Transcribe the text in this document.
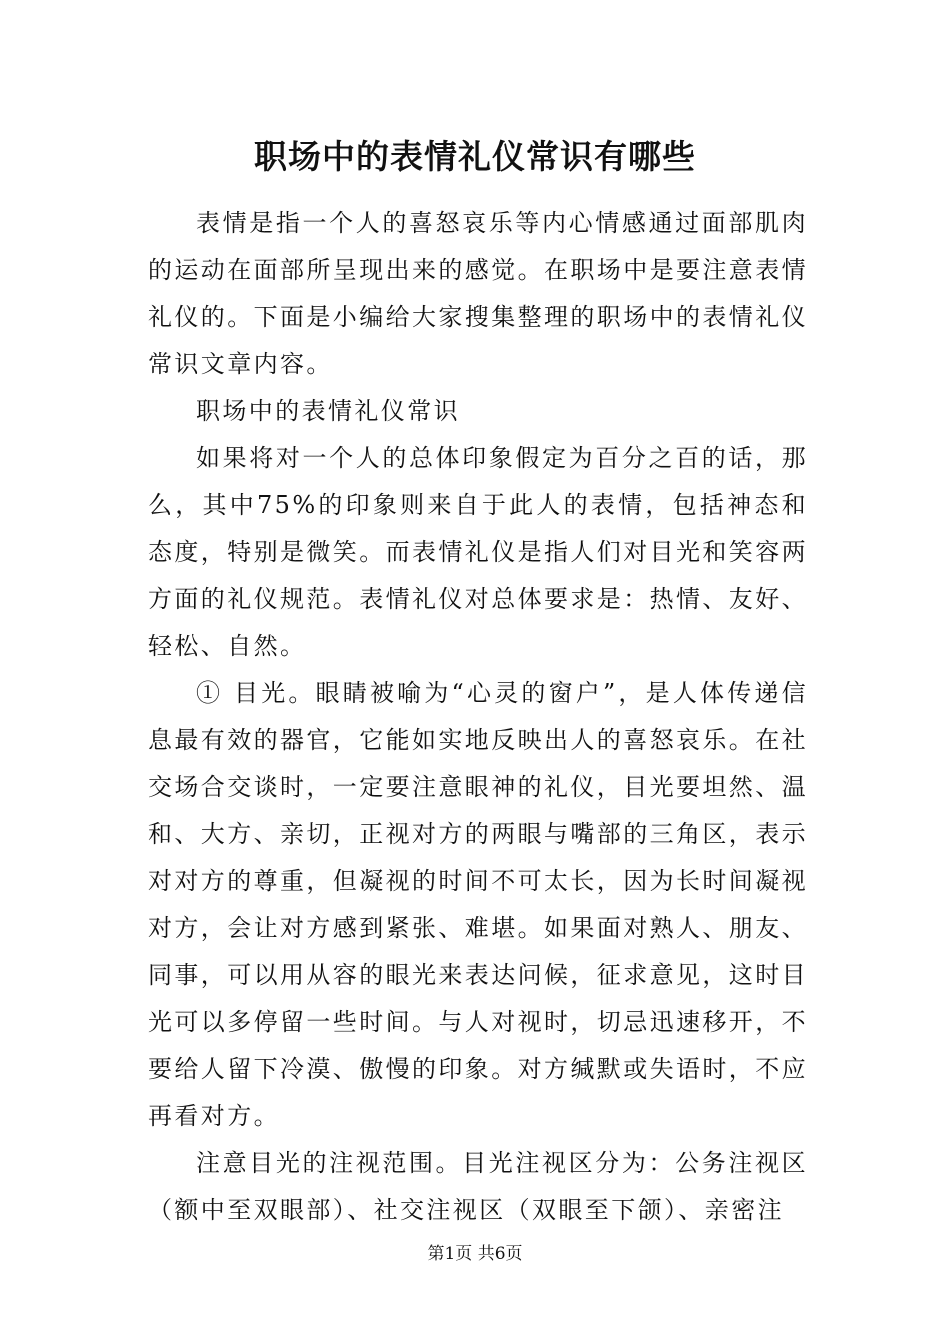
职场中的表情礼仪常识有哪些

表情是指一个人的喜怒哀乐等内心情感通过面部肌肉的运动在面部所呈现出来的感觉。在职场中是要注意表情礼仪的。下面是小编给大家搜集整理的职场中的表情礼仪常识文章内容。

职场中的表情礼仪常识

如果将对一个人的总体印象假定为百分之百的话，那么，其中75%的印象则来自于此人的表情，包括神态和态度，特别是微笑。而表情礼仪是指人们对目光和笑容两方面的礼仪规范。表情礼仪对总体要求是：热情、友好、轻松、自然。

① 目光。眼睛被喻为“心灵的窗户”，是人体传递信息最有效的器官，它能如实地反映出人的喜怒哀乐。在社交场合交谈时，一定要注意眼神的礼仪，目光要坦然、温和、大方、亲切，正视对方的两眼与嘴部的三角区，表示对对方的尊重，但凝视的时间不可太长，因为长时间凝视对方，会让对方感到紧张、难堪。如果面对熟人、朋友、同事，可以用从容的眼光来表达问候，征求意见，这时目光可以多停留一些时间。与人对视时，切忌迅速移开，不要给人留下冷漠、傲慢的印象。对方缄默或失语时，不应再看对方。

注意目光的注视范围。目光注视区分为：公务注视区（额中至双眼部）、社交注视区（双眼至下颌）、亲密注

第1页 共6页
